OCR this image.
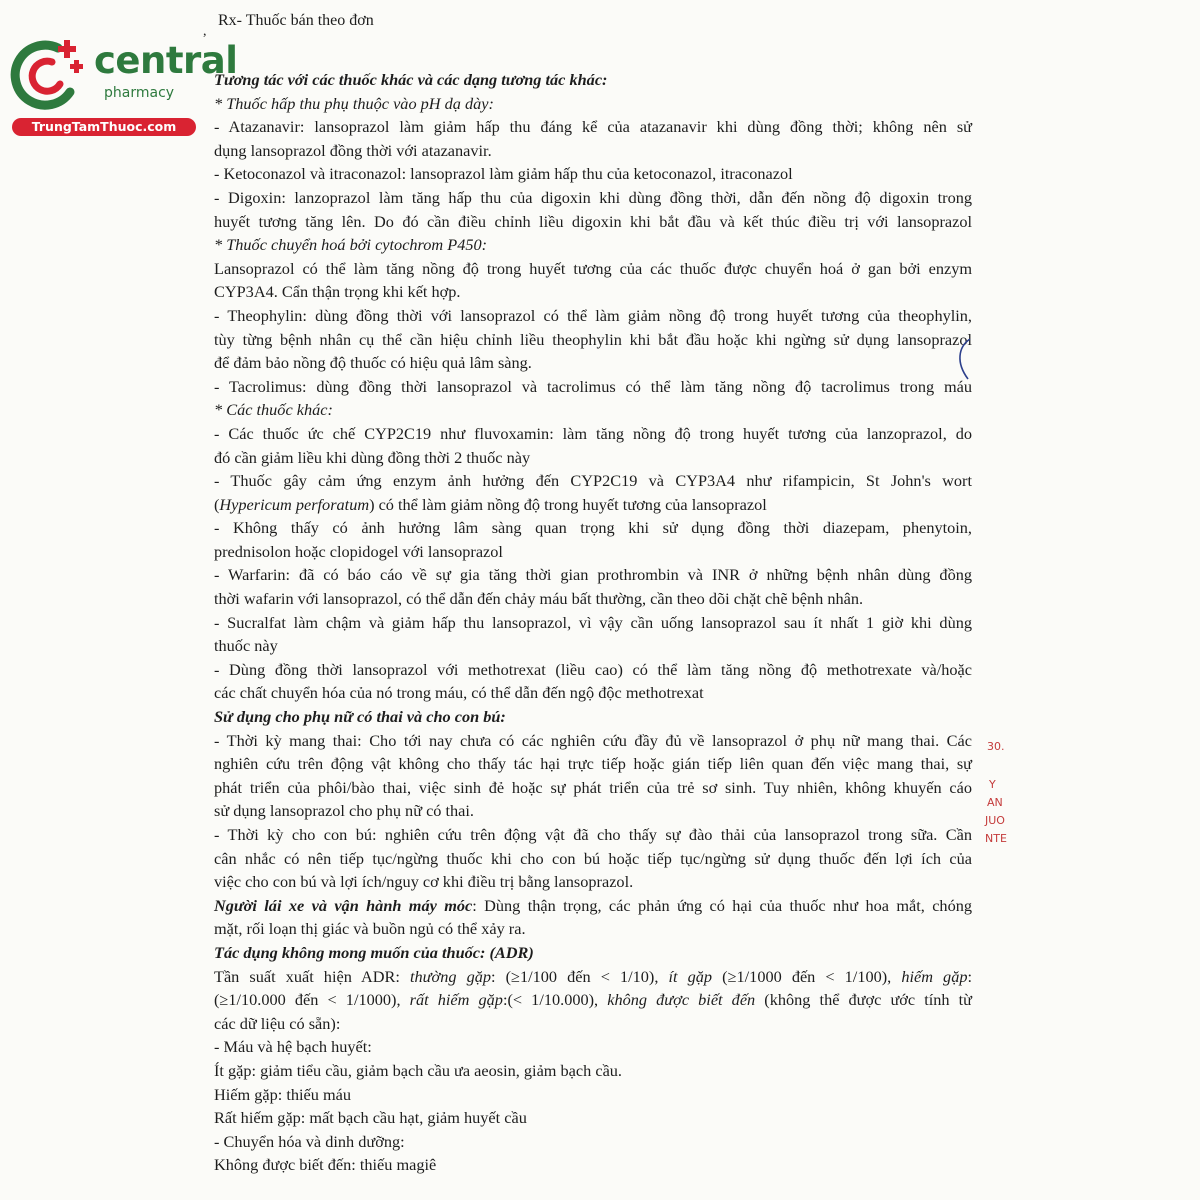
central
pharmacy
TrungTamThuoc.com
,
Rx- Thuốc bán theo đơn
Tương tác với các thuốc khác và các dạng tương tác khác:
* Thuốc hấp thu phụ thuộc vào pH dạ dày:
- Atazanavir: lansoprazol làm giảm hấp thu đáng kể của atazanavir khi dùng đồng thời; không nên sử
dụng lansoprazol đồng thời với atazanavir.
- Ketoconazol và itraconazol: lansoprazol làm giảm hấp thu của ketoconazol, itraconazol
- Digoxin: lanzoprazol làm tăng hấp thu của digoxin khi dùng đồng thời, dẫn đến nồng độ digoxin trong
huyết tương tăng lên. Do đó cần điều chỉnh liều digoxin khi bắt đầu và kết thúc điều trị với lansoprazol
* Thuốc chuyển hoá bởi cytochrom P450:
Lansoprazol có thể làm tăng nồng độ trong huyết tương của các thuốc được chuyển hoá ở gan bởi enzym
CYP3A4. Cẩn thận trọng khi kết hợp.
- Theophylin: dùng đồng thời với lansoprazol có thể làm giảm nồng độ trong huyết tương của theophylin,
tùy từng bệnh nhân cụ thể cần hiệu chỉnh liều theophylin khi bắt đầu hoặc khi ngừng sử dụng lansoprazol
để đảm bảo nồng độ thuốc có hiệu quả lâm sàng.
- Tacrolimus: dùng đồng thời lansoprazol và tacrolimus có thể làm tăng nồng độ tacrolimus trong máu
* Các thuốc khác:
- Các thuốc ức chế CYP2C19 như fluvoxamin: làm tăng nồng độ trong huyết tương của lanzoprazol, do
đó cần giảm liều khi dùng đồng thời 2 thuốc này
- Thuốc gây cảm ứng enzym ảnh hưởng đến CYP2C19 và CYP3A4 như rifampicin, St John's wort
(Hypericum perforatum) có thể làm giảm nồng độ trong huyết tương của lansoprazol
- Không thấy có ảnh hưởng lâm sàng quan trọng khi sử dụng đồng thời diazepam, phenytoin,
prednisolon hoặc clopidogel với lansoprazol
- Warfarin: đã có báo cáo về sự gia tăng thời gian prothrombin và INR ở những bệnh nhân dùng đồng
thời wafarin với lansoprazol, có thể dẫn đến chảy máu bất thường, cần theo dõi chặt chẽ bệnh nhân.
- Sucralfat làm chậm và giảm hấp thu lansoprazol, vì vậy cần uống lansoprazol sau ít nhất 1 giờ khi dùng
thuốc này
- Dùng đồng thời lansoprazol với methotrexat (liều cao) có thể làm tăng nồng độ methotrexate và/hoặc
các chất chuyển hóa của nó trong máu, có thể dẫn đến ngộ độc methotrexat
Sử dụng cho phụ nữ có thai và cho con bú:
- Thời kỳ mang thai: Cho tới nay chưa có các nghiên cứu đầy đủ về lansoprazol ở phụ nữ mang thai. Các
nghiên cứu trên động vật không cho thấy tác hại trực tiếp hoặc gián tiếp liên quan đến việc mang thai, sự
phát triển của phôi/bào thai, việc sinh đẻ hoặc sự phát triển của trẻ sơ sinh. Tuy nhiên, không khuyến cáo
sử dụng lansoprazol cho phụ nữ có thai.
- Thời kỳ cho con bú: nghiên cứu trên động vật đã cho thấy sự đào thải của lansoprazol trong sữa. Cần
cân nhắc có nên tiếp tục/ngừng thuốc khi cho con bú hoặc tiếp tục/ngừng sử dụng thuốc đến lợi ích của
việc cho con bú và lợi ích/nguy cơ khi điều trị bằng lansoprazol.
Người lái xe và vận hành máy móc: Dùng thận trọng, các phản ứng có hại của thuốc như hoa mắt, chóng
mặt, rối loạn thị giác và buồn ngủ có thể xảy ra.
Tác dụng không mong muốn của thuốc: (ADR)
Tần suất xuất hiện ADR: thường gặp: (≥1/100 đến < 1/10), ít gặp (≥1/1000 đến < 1/100), hiếm gặp:
(≥1/10.000 đến < 1/1000), rất hiếm gặp:(< 1/10.000), không được biết đến (không thể được ước tính từ
các dữ liệu có sẵn):
- Máu và hệ bạch huyết:
Ít gặp: giảm tiểu cầu, giảm bạch cầu ưa aeosin, giảm bạch cầu.
Hiếm gặp: thiếu máu
Rất hiếm gặp: mất bạch cầu hạt, giảm huyết cầu
- Chuyển hóa và dinh dưỡng:
Không được biết đến: thiếu magiê
30.
Y
AN
JUO
NTE
